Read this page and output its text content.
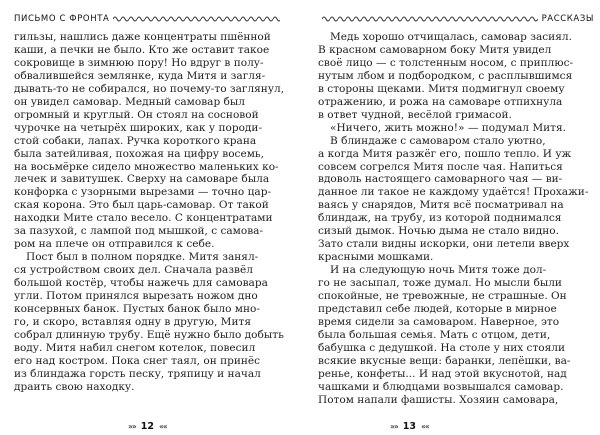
ПИСЬМО С ФРОНТА
гильзы, нашлись даже концентраты пшённой
каши, а печки не было. Кто же оставит такое
сокровище в зимнюю пору! Но вдруг в полу-
обвалившейся землянке, куда Митя и загля-
дывать-то не собирался, но почему-то заглянул,
он увидел самовар. Медный самовар был
огромный и круглый. Он стоял на сосновой
чурочке на четырёх широких, как у породи-
стой собаки, лапах. Ручка короткого крана
была затейливая, похожая на цифру восемь,
на восьмёрке сидело множество маленьких ко-
лечек и завитушек. Сверху на самоваре была
конфорка с узорными вырезами — точно цар-
ская корона. Это был царь-самовар. От такой
находки Мите стало весело. С концентратами
за пазухой, с лампой под мышкой, с самова-
ром на плече он отправился к себе.
Пост был в полном порядке. Митя занял-
ся устройством своих дел. Сначала развёл
большой костёр, чтобы нажечь для самовара
угли. Потом принялся вырезать ножом дно
консервных банок. Пустых банок было мно-
го, и скоро, вставляя одну в другую, Митя
собрал длинную трубу. Ещё нужно было добыть
воду. Митя набил снегом котелок, повесил
его над костром. Пока снег таял, он принёс
из блиндажа горсть песку, тряпицу и начал
драить свою находку.
»» 12 ««
РАССКАЗЫ
Медь хорошо отчищалась, самовар засиял.
В красном самоварном боку Митя увидел
своё лицо — с толстенным носом, с приплюс-
нутым лбом и подбородком, с расплывшимся
в стороны щеками. Митя подмигнул своему
отражению, и рожа на самоваре отпихнула
в ответ чудной, весёлой гримасой.
«Ничего, жить можно!» — подумал Митя.
В блиндаже с самоваром стало уютно,
а когда Митя разжёг его, пошло тепло. И уж
совсем согрелся Митя после чая. Напиться
вдоволь настоящего самоварного чая — ви-
данное ли такое не каждому удаётся! Прохажи-
ваясь у снарядов, Митя всё посматривал на
блиндаж, на трубу, из которой поднимался
сизый дымок. Ночью дыма не стало видно.
Зато стали видны искорки, они летели вверх
красными мошками.
И на следующую ночь Митя тоже дол-
го не засыпал, тоже думал. Но мысли были
спокойные, не тревожные, не страшные. Он
представил себе людей, которые в мирное
время сидели за самоваром. Наверное, это
была большая семья. Мать с отцом, дети,
бабушка с дедушкой. На столе у них стояли
всякие вкусные вещи: баранки, лепёшки, ва-
ренье, конфеты... И над этой вкуснотой, над
чашками и блюдцами возвышался самовар.
Потом напали фашисты. Хозяин самовара,
»» 13 ««
